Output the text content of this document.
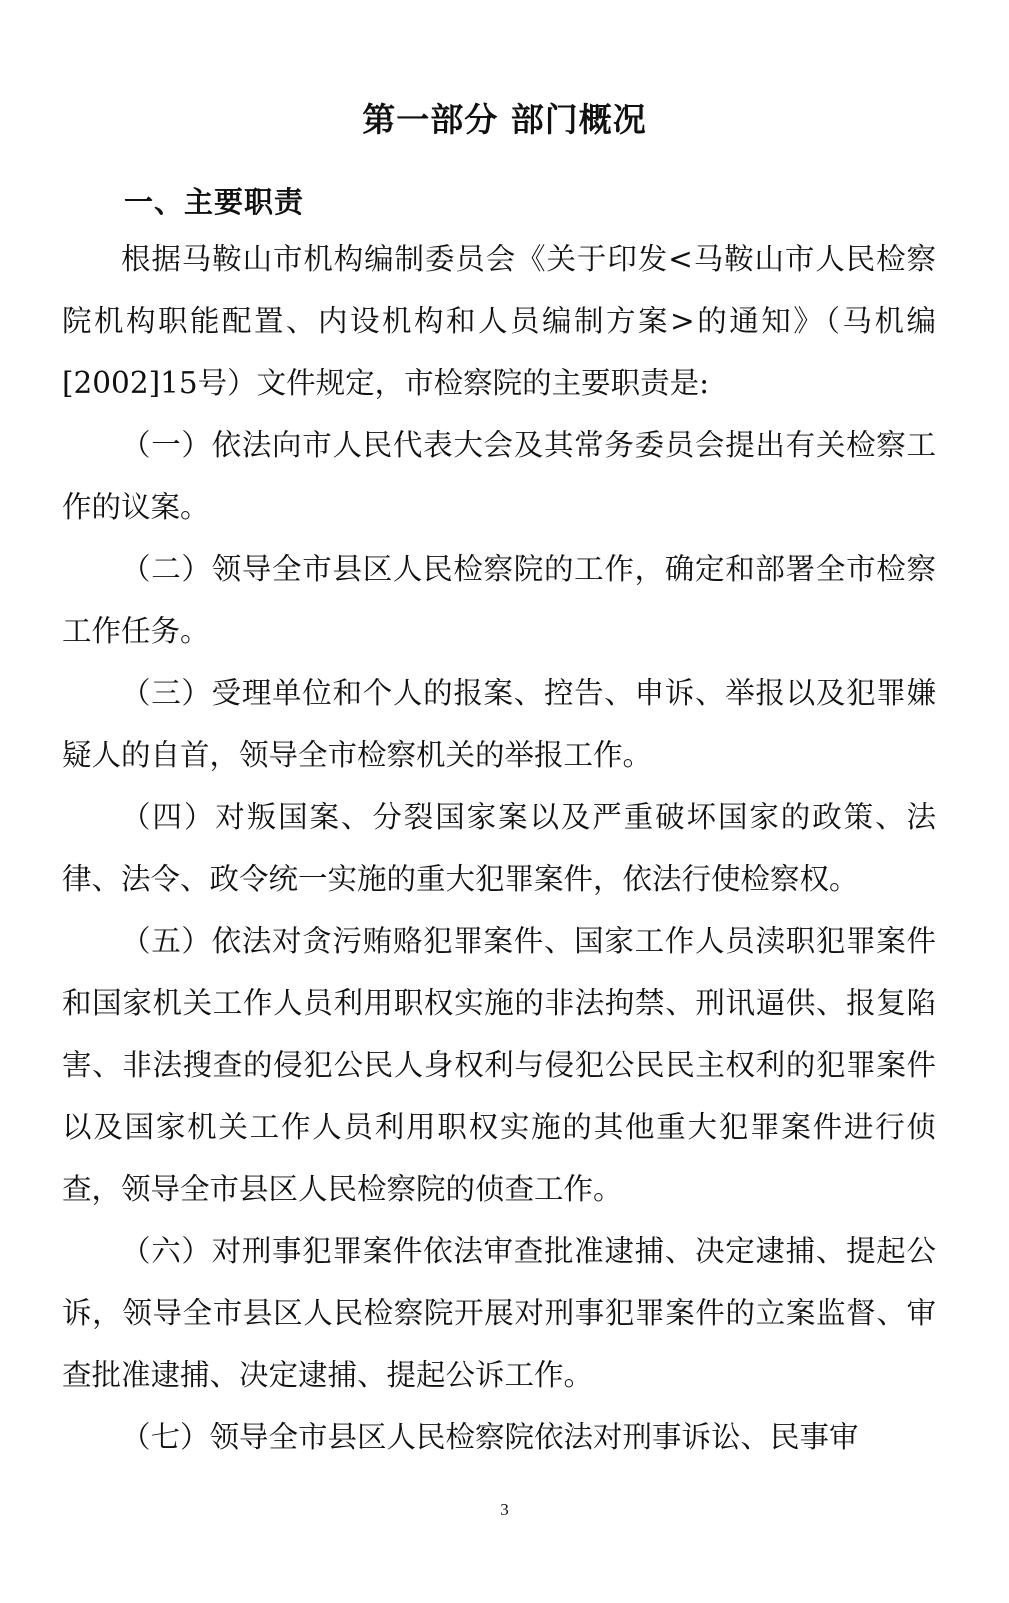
第一部分 部门概况
一、主要职责

根据马鞍山市机构编制委员会《关于印发<马鞍山市人民检察院机构职能配置、内设机构和人员编制方案>的通知》（马机编[2002]15号）文件规定，市检察院的主要职责是:

（一）依法向市人民代表大会及其常务委员会提出有关检察工作的议案。

（二）领导全市县区人民检察院的工作，确定和部署全市检察工作任务。

（三）受理单位和个人的报案、控告、申诉、举报以及犯罪嫌疑人的自首，领导全市检察机关的举报工作。

（四）对叛国案、分裂国家案以及严重破坏国家的政策、法律、法令、政令统一实施的重大犯罪案件，依法行使检察权。

（五）依法对贪污贿赂犯罪案件、国家工作人员渎职犯罪案件和国家机关工作人员利用职权实施的非法拘禁、刑讯逼供、报复陷害、非法搜查的侵犯公民人身权利与侵犯公民民主权利的犯罪案件以及国家机关工作人员利用职权实施的其他重大犯罪案件进行侦查，领导全市县区人民检察院的侦查工作。

（六）对刑事犯罪案件依法审查批准逮捕、决定逮捕、提起公诉，领导全市县区人民检察院开展对刑事犯罪案件的立案监督、审查批准逮捕、决定逮捕、提起公诉工作。

（七）领导全市县区人民检察院依法对刑事诉讼、民事审

3
